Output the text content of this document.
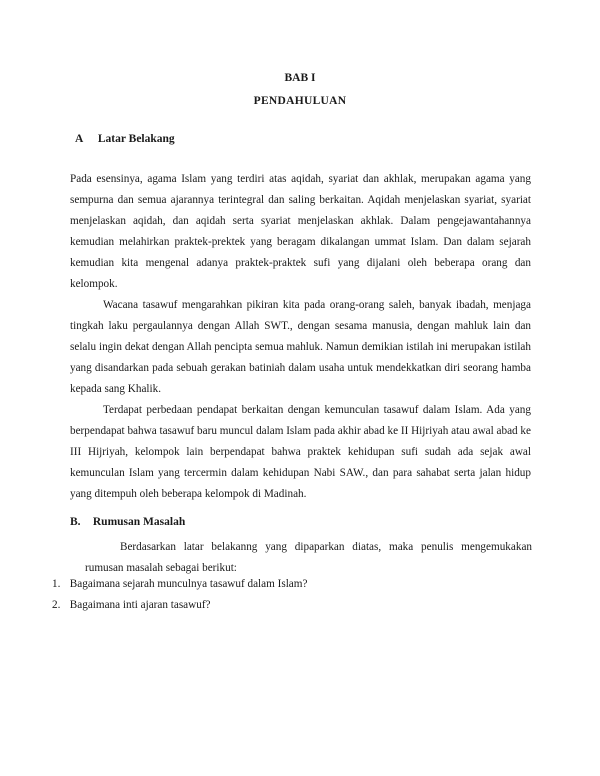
BAB I
PENDAHULUAN
A Latar Belakang

Pada esensinya, agama Islam yang terdiri atas aqidah, syariat dan akhlak, merupakan agama yang sempurna dan semua ajarannya terintegral dan saling berkaitan. Aqidah menjelaskan syariat, syariat menjelaskan aqidah, dan aqidah serta syariat menjelaskan akhlak. Dalam pengejawantahannya kemudian melahirkan praktek-prektek yang beragam dikalangan ummat Islam. Dan dalam sejarah kemudian kita mengenal adanya praktek-praktek sufi yang dijalani oleh beberapa orang dan kelompok.

Wacana tasawuf mengarahkan pikiran kita pada orang-orang saleh, banyak ibadah, menjaga tingkah laku pergaulannya dengan Allah SWT., dengan sesama manusia, dengan mahluk lain dan selalu ingin dekat dengan Allah pencipta semua mahluk. Namun demikian istilah ini merupakan istilah yang disandarkan pada sebuah gerakan batiniah dalam usaha untuk mendekkatkan diri seorang hamba kepada sang Khalik.

Terdapat perbedaan pendapat berkaitan dengan kemunculan tasawuf dalam Islam. Ada yang berpendapat bahwa tasawuf baru muncul dalam Islam pada akhir abad ke II Hijriyah atau awal abad ke III Hijriyah, kelompok lain berpendapat bahwa praktek kehidupan sufi sudah ada sejak awal kemunculan Islam yang tercermin dalam kehidupan Nabi SAW., dan para sahabat serta jalan hidup yang ditempuh oleh beberapa kelompok di Madinah.

B. Rumusan Masalah

Berdasarkan latar belakanng yang dipaparkan diatas, maka penulis mengemukakan rumusan masalah sebagai berikut:

1. Bagaimana sejarah munculnya tasawuf dalam Islam?
2. Bagaimana inti ajaran tasawuf?
